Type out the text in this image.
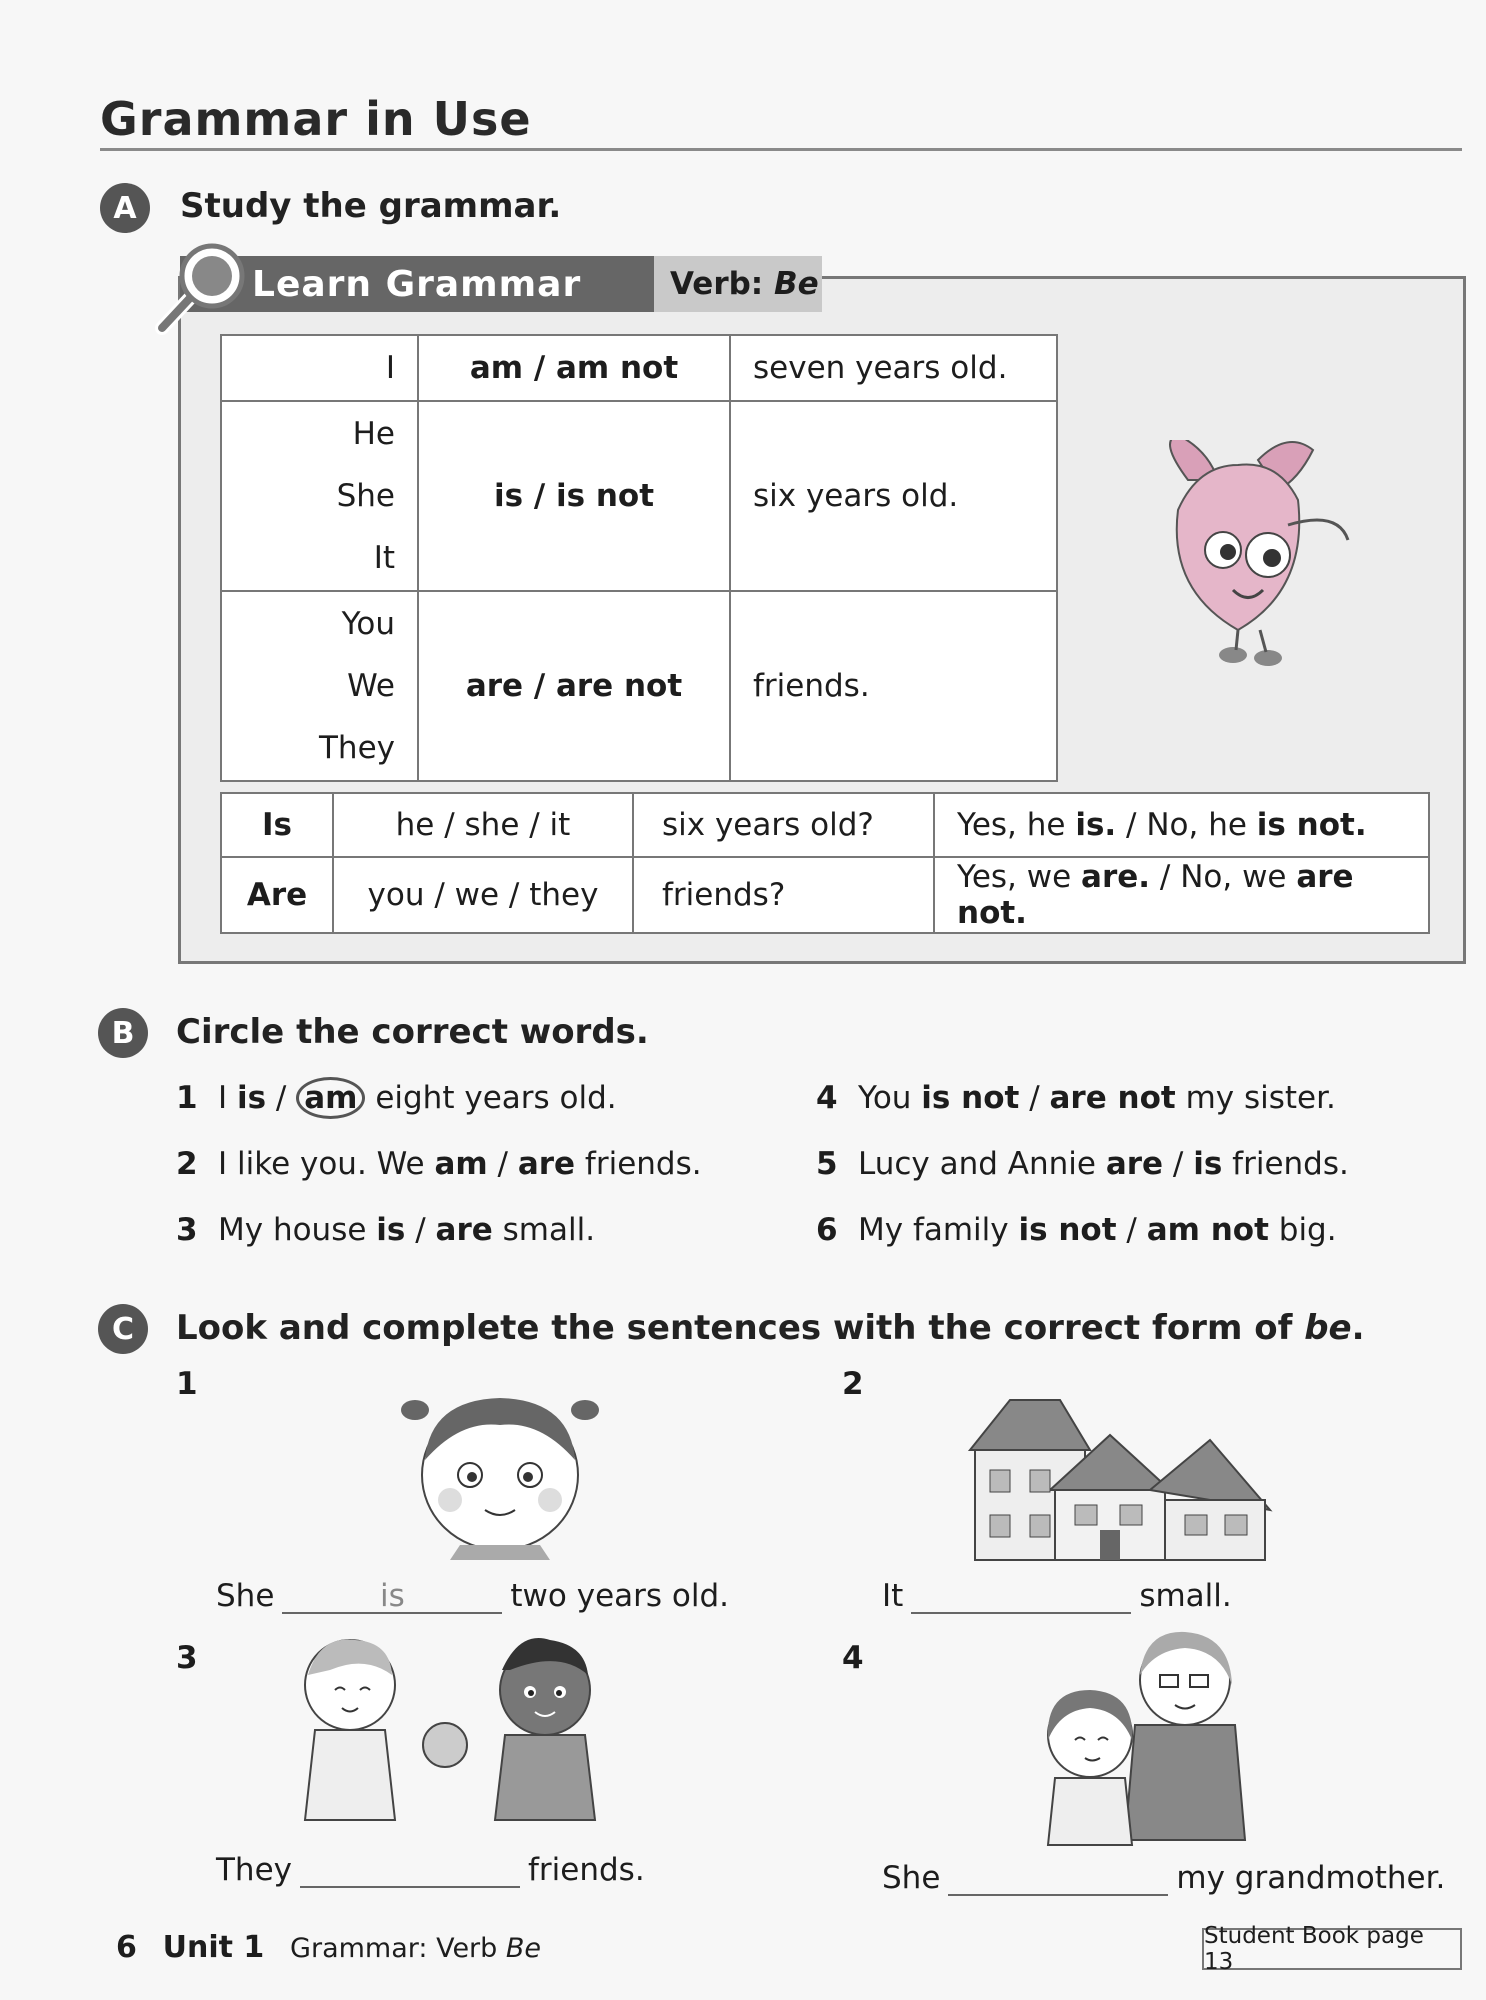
Grammar in Use
A	Study the grammar.
Learn Grammar	Verb:
Be
I	am / am not	seven years old.

He
She
It	is / is not	six years old.

You
We
They	are / are not	friends.
Is	he / she / it	six years old?	Yes, he is. / No, he is not.
Are	you / we / they	friends?	Yes, we are. / No, we are not.
B	Circle the correct words.
1 I is / am eight years old.
2 I like you. We am / are friends.
3 My house is / are small.
4 You is not / are not my sister.
5 Lucy and Annie are / is friends.
6 My family is not / am not big.
C	Look and complete the sentences with the correct form of be.
1	2
3	4
She	is	two years old.	It	small.
They	friends.	She	my grandmother.
6 Unit 1 Grammar: Verb Be	Student Book page 13
